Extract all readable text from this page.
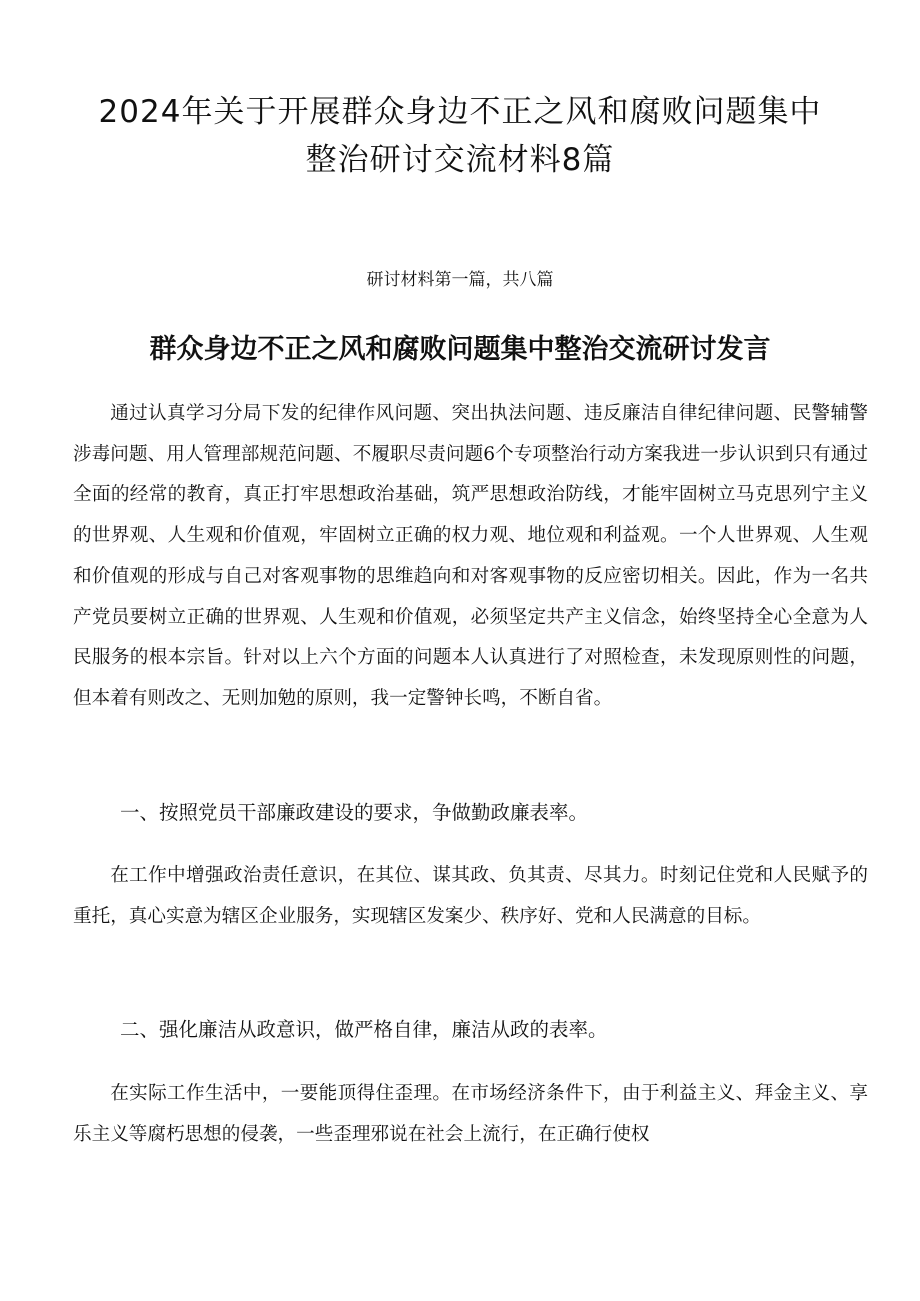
2024年关于开展群众身边不正之风和腐败问题集中
整治研讨交流材料8篇
研讨材料第一篇，共八篇
群众身边不正之风和腐败问题集中整治交流研讨发言

通过认真学习分局下发的纪律作风问题、突出执法问题、违反廉洁自律纪律问题、民警辅警涉毒问题、用人管理部规范问题、不履职尽责问题6个专项整治行动方案我进一步认识到只有通过全面的经常的教育，真正打牢思想政治基础，筑严思想政治防线，才能牢固树立马克思列宁主义的世界观、人生观和价值观，牢固树立正确的权力观、地位观和利益观。一个人世界观、人生观和价值观的形成与自己对客观事物的思维趋向和对客观事物的反应密切相关。因此，作为一名共产党员要树立正确的世界观、人生观和价值观，必须坚定共产主义信念，始终坚持全心全意为人民服务的根本宗旨。针对以上六个方面的问题本人认真进行了对照检查，未发现原则性的问题，但本着有则改之、无则加勉的原则，我一定警钟长鸣，不断自省。

一、按照党员干部廉政建设的要求，争做勤政廉表率。

在工作中增强政治责任意识，在其位、谋其政、负其责、尽其力。时刻记住党和人民赋予的重托，真心实意为辖区企业服务，实现辖区发案少、秩序好、党和人民满意的目标。

二、强化廉洁从政意识，做严格自律，廉洁从政的表率。

在实际工作生活中，一要能顶得住歪理。在市场经济条件下，由于利益主义、拜金主义、享乐主义等腐朽思想的侵袭，一些歪理邪说在社会上流行，在正确行使权
